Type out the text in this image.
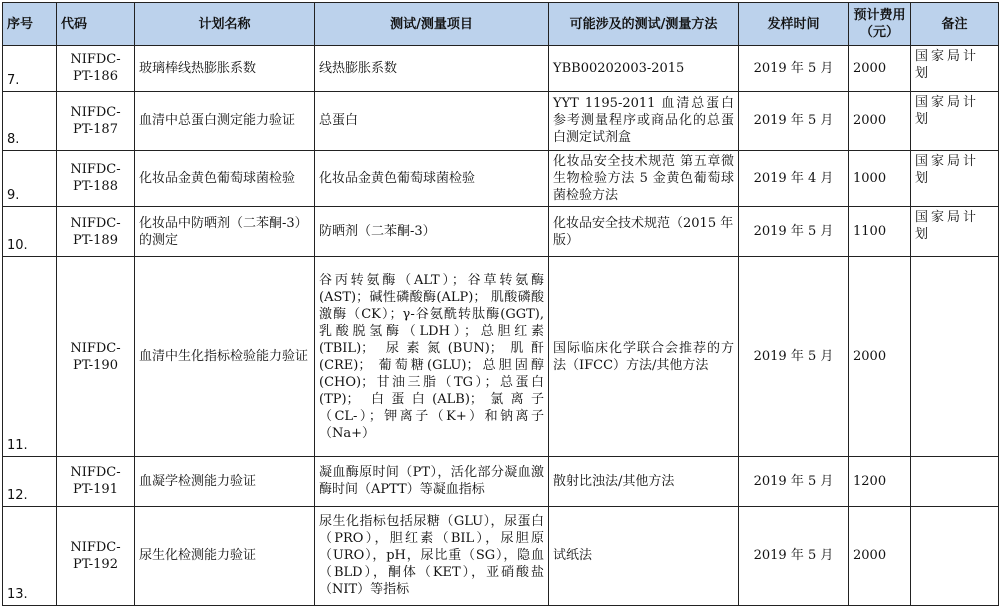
序号	代码	计划名称	测试/测量项目	可能涉及的测试/测量方法	发样时间	预计费用（元）	备注
7.	NIFDC-PT-186	玻璃棒线热膨胀系数	线热膨胀系数	YBB00202003-2015	2019 年 5 月	2000	国家局计划
8.	NIFDC-PT-187	血清中总蛋白测定能力验证	总蛋白	YYT 1195-2011 血清总蛋白参考测量程序或商品化的总蛋白测定试剂盒	2019 年 5 月	2000	国家局计划
9.	NIFDC-PT-188	化妆品金黄色葡萄球菌检验	化妆品金黄色葡萄球菌检验	化妆品安全技术规范 第五章微生物检验方法 5 金黄色葡萄球菌检验方法	2019 年 4 月	1000	国家局计划
10.	NIFDC-PT-189	化妆品中防晒剂（二苯酮-3）的测定	防晒剂（二苯酮-3）	化妆品安全技术规范（2015 年版）	2019 年 5 月	1100	国家局计划
11.	NIFDC-PT-190	血清中生化指标检验能力验证	谷丙转氨酶（ALT）；谷草转氨酶(AST)；碱性磷酸酶(ALP)； 肌酸磷酸激酶（CK）；γ-谷氨酰转肽酶(GGT),乳酸脱氢酶（LDH）；总胆红素(TBIL)； 尿素氮(BUN)；肌酐(CRE)； 葡萄糖(GLU)；总胆固醇(CHO)；甘油三脂（TG）；总蛋白(TP)； 白蛋白(ALB)；氯离子（CL-）；钾离子（K+）和钠离子（Na+）	国际临床化学联合会推荐的方法（IFCC）方法/其他方法	2019 年 5 月	2000	
12.	NIFDC-PT-191	血凝学检测能力验证	凝血酶原时间（PT），活化部分凝血激酶时间（APTT）等凝血指标	散射比浊法/其他方法	2019 年 5 月	1200	
13.	NIFDC-PT-192	尿生化检测能力验证	尿生化指标包括尿糖（GLU），尿蛋白（PRO），胆红素（BIL），尿胆原（URO），pH，尿比重（SG），隐血（BLD），酮体（KET），亚硝酸盐（NIT）等指标	试纸法	2019 年 5 月	2000	
